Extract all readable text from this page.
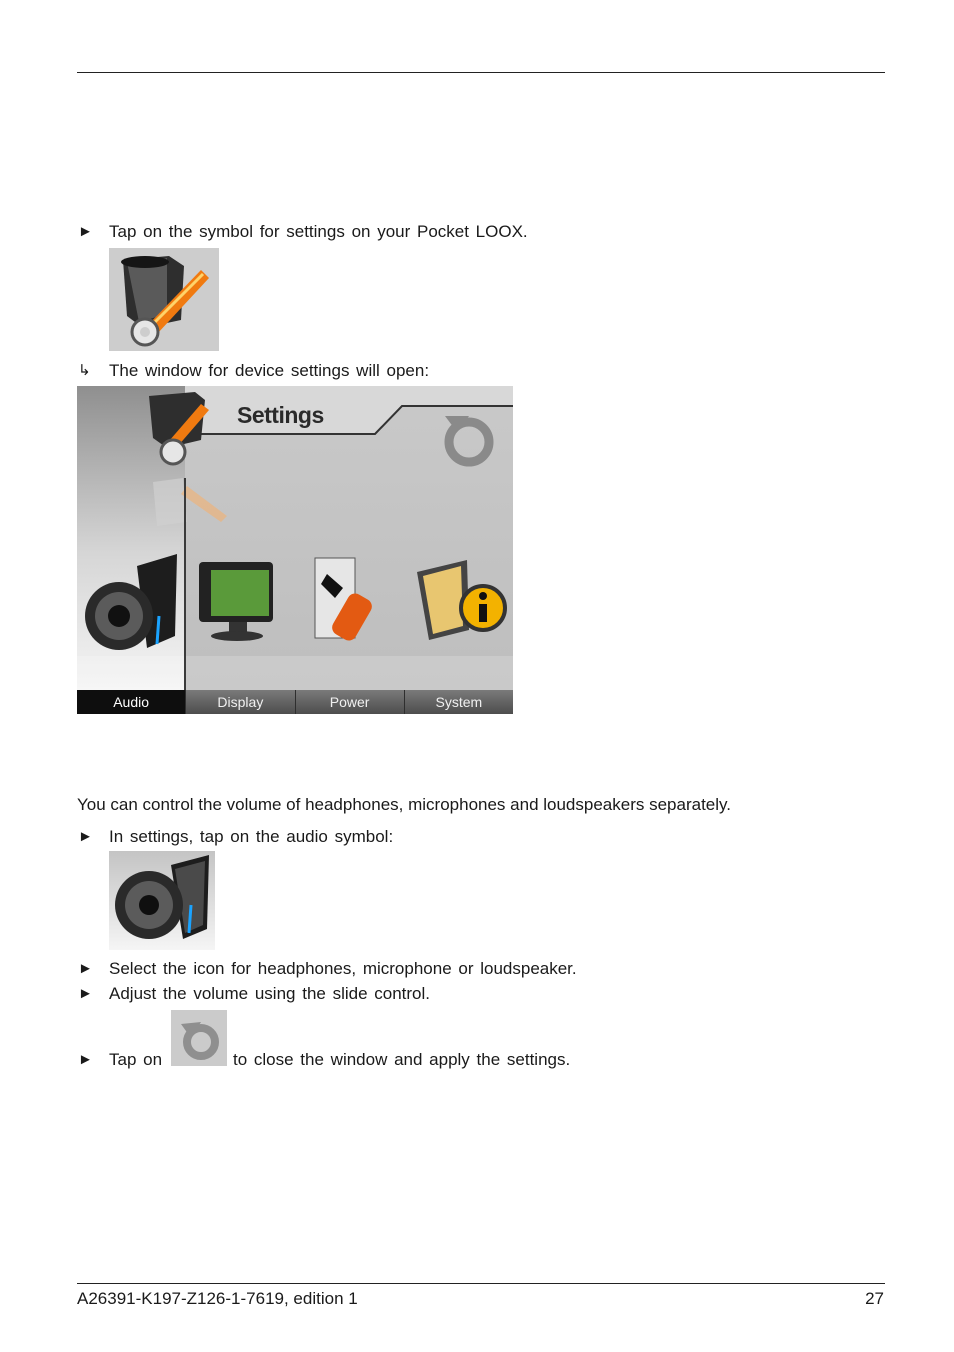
► Tap on the symbol for settings on your Pocket LOOX.
↳ The window for device settings will open:
Settings
Audio	Display	Power	System
You can control the volume of headphones, microphones and loudspeakers separately.
► In settings, tap on the audio symbol:
► Select the icon for headphones, microphone or loudspeaker.
► Adjust the volume using the slide control.
► Tap on	to close the window and apply the settings.
A26391-K197-Z126-1-7619, edition 1	27
